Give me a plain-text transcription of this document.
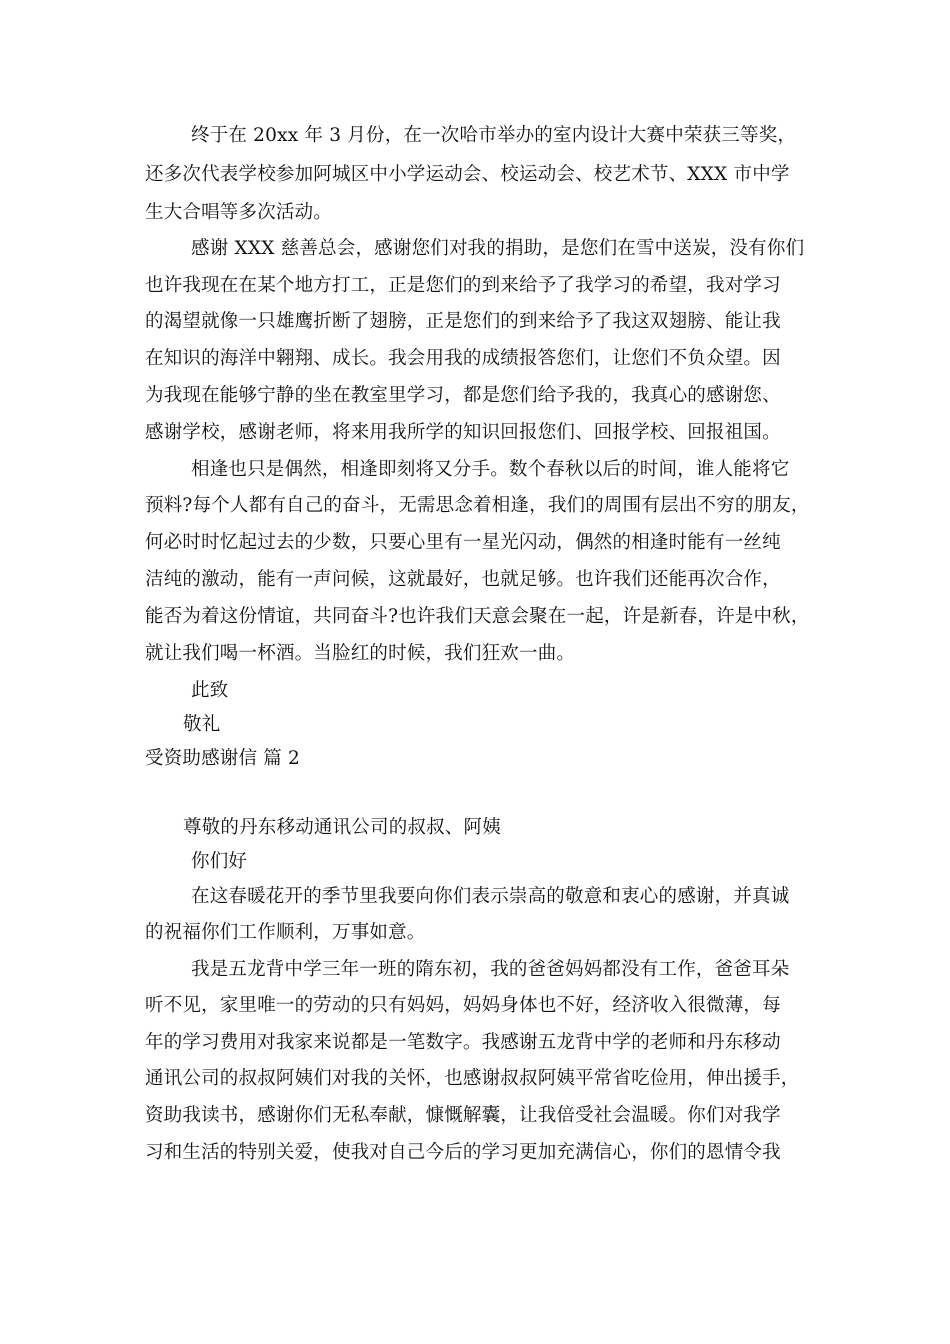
终于在 20xx 年 3 月份，在一次哈市举办的室内设计大赛中荣获三等奖，
还多次代表学校参加阿城区中小学运动会、校运动会、校艺术节、XXX 市中学
生大合唱等多次活动。
感谢 XXX 慈善总会，感谢您们对我的捐助，是您们在雪中送炭，没有你们
也许我现在在某个地方打工，正是您们的到来给予了我学习的希望，我对学习
的渴望就像一只雄鹰折断了翅膀，正是您们的到来给予了我这双翅膀、能让我
在知识的海洋中翱翔、成长。我会用我的成绩报答您们，让您们不负众望。因
为我现在能够宁静的坐在教室里学习，都是您们给予我的，我真心的感谢您、
感谢学校，感谢老师，将来用我所学的知识回报您们、回报学校、回报祖国。
相逢也只是偶然，相逢即刻将又分手。数个春秋以后的时间，谁人能将它
预料?每个人都有自己的奋斗，无需思念着相逢，我们的周围有层出不穷的朋友，
何必时时忆起过去的少数，只要心里有一星光闪动，偶然的相逢时能有一丝纯
洁纯的激动，能有一声问候，这就最好，也就足够。也许我们还能再次合作，
能否为着这份情谊，共同奋斗?也许我们天意会聚在一起，许是新春，许是中秋，
就让我们喝一杯酒。当脸红的时候，我们狂欢一曲。
此致
敬礼
受资助感谢信 篇 2
尊敬的丹东移动通讯公司的叔叔、阿姨
你们好
在这春暖花开的季节里我要向你们表示崇高的敬意和衷心的感谢，并真诚
的祝福你们工作顺利，万事如意。
我是五龙背中学三年一班的隋东初，我的爸爸妈妈都没有工作，爸爸耳朵
听不见，家里唯一的劳动的只有妈妈，妈妈身体也不好，经济收入很微薄，每
年的学习费用对我家来说都是一笔数字。我感谢五龙背中学的老师和丹东移动
通讯公司的叔叔阿姨们对我的关怀，也感谢叔叔阿姨平常省吃俭用，伸出援手，
资助我读书，感谢你们无私奉献，慷慨解囊，让我倍受社会温暖。你们对我学
习和生活的特别关爱，使我对自己今后的学习更加充满信心，你们的恩情令我
